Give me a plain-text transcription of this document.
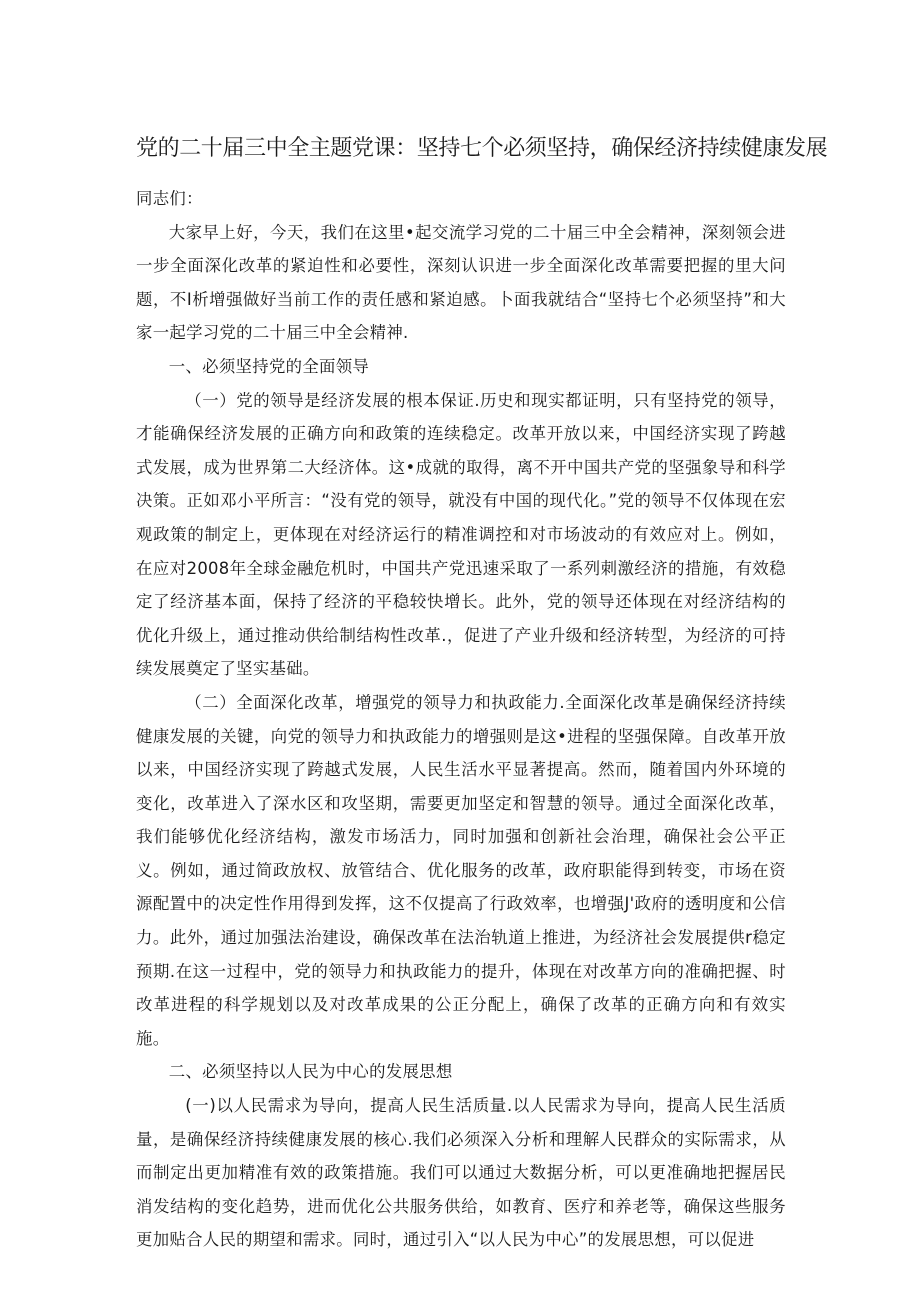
党的二十届三中全主题党课：坚持七个必须坚持，确保经济持续健康发展

同志们：

大家早上好，今天，我们在这里•起交流学习党的二十届三中全会精神，深刻领会进一步全面深化改革的紧迫性和必要性，深刻认识进一步全面深化改革需要把握的里大问题，不I析增强做好当前工作的责任感和紧迫感。卜面我就结合“坚持七个必须坚持”和大家一起学习党的二十届三中全会精神.

一、必须坚持党的全面领导

（一）党的领导是经济发展的根本保证.历史和现实都证明，只有坚持党的领导，才能确保经济发展的正确方向和政策的连续稳定。改革开放以来，中国经济实现了跨越式发展，成为世界第二大经济体。这•成就的取得，离不开中国共产党的坚强象导和科学决策。正如邓小平所言：“没有党的领导，就没有中国的现代化。”党的领导不仅体现在宏观政策的制定上，更体现在对经济运行的精准调控和对市场波动的有效应对上。例如，在应对2008年全球金融危机时，中国共产党迅速采取了一系列刺激经济的措施，有效稳定了经济基本面，保持了经济的平稳较快增长。此外，党的领导还体现在对经济结构的优化升级上，通过推动供给制结构性改革.，促进了产业升级和经济转型，为经济的可持续发展奠定了坚实基础。

（二）全面深化改革，增强党的领导力和执政能力.全面深化改革是确保经济持续健康发展的关键，向党的领导力和执政能力的增强则是这•进程的坚强保障。自改革开放以来，中国经济实现了跨越式发展，人民生活水平显著提高。然而，随着国内外环境的变化，改革进入了深水区和攻坚期，需要更加坚定和智慧的领导。通过全面深化改革，我们能够优化经济结构，激发市场活力，同时加强和创新社会治理，确保社会公平正义。例如，通过简政放权、放管结合、优化服务的改革，政府职能得到转变，市场在资源配置中的决定性作用得到发挥，这不仅提高了行政效率，也增强J'政府的透明度和公信力。此外，通过加强法治建设，确保改革在法治轨道上推进，为经济社会发展提供r稳定预期.在这一过程中，党的领导力和执政能力的提升，体现在对改革方向的准确把握、时改革进程的科学规划以及对改革成果的公正分配上，确保了改革的正确方向和有效实施。

二、必须坚持以人民为中心的发展思想

(一)以人民需求为导向，提高人民生活质量.以人民需求为导向，提高人民生活质量，是确保经济持续健康发展的核心.我们必须深入分析和理解人民群众的实际需求，从而制定出更加精准有效的政策措施。我们可以通过大数据分析，可以更准确地把握居民消发结构的变化趋势，进而优化公共服务供给，如教育、医疗和养老等，确保这些服务更加贴合人民的期望和需求。同时，通过引入“以人民为中心”的发展思想，可以促进
